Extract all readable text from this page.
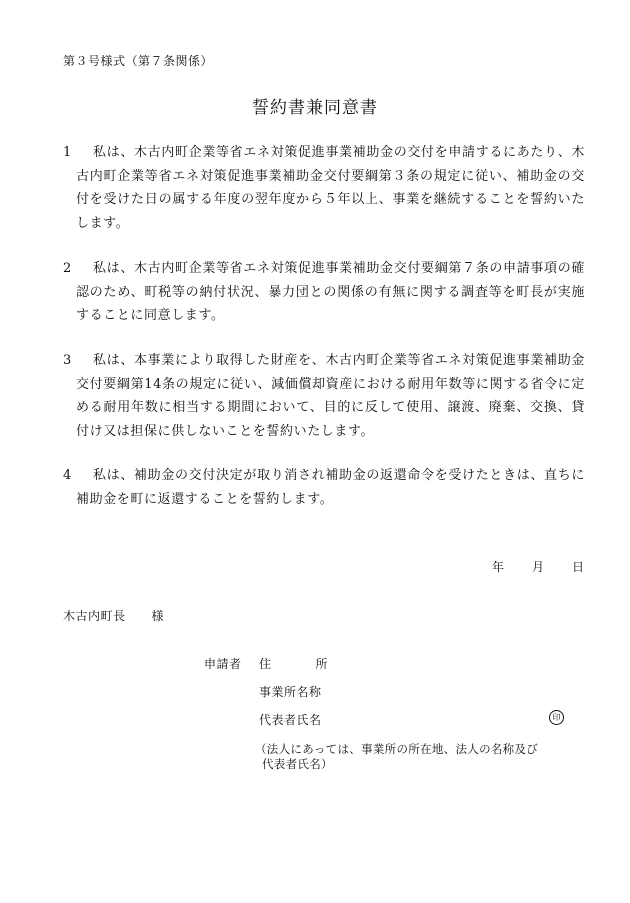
第３号様式（第７条関係）
誓約書兼同意書
1	私は、木古内町企業等省エネ対策促進事業補助金の交付を申請するにあたり、木古内町企業等省エネ対策促進事業補助金交付要綱第３条の規定に従い、補助金の交付を受けた日の属する年度の翌年度から５年以上、事業を継続することを誓約いたします。
2	私は、木古内町企業等省エネ対策促進事業補助金交付要綱第７条の申請事項の確認のため、町税等の納付状況、暴力団との関係の有無に関する調査等を町長が実施することに同意します。
3	私は、本事業により取得した財産を、木古内町企業等省エネ対策促進事業補助金交付要綱第14条の規定に従い、減価償却資産における耐用年数等に関する省令に定める耐用年数に相当する期間において、目的に反して使用、譲渡、廃棄、交換、貸付け又は担保に供しないことを誓約いたします。
4	私は、補助金の交付決定が取り消され補助金の返還命令を受けたときは、直ちに補助金を町に返還することを誓約します。
年 月 日
木古内町長 様
申請者 住	所
事業所名称
代表者氏名	印
（法人にあっては、事業所の所在地、法人の名称及び
代表者氏名）
